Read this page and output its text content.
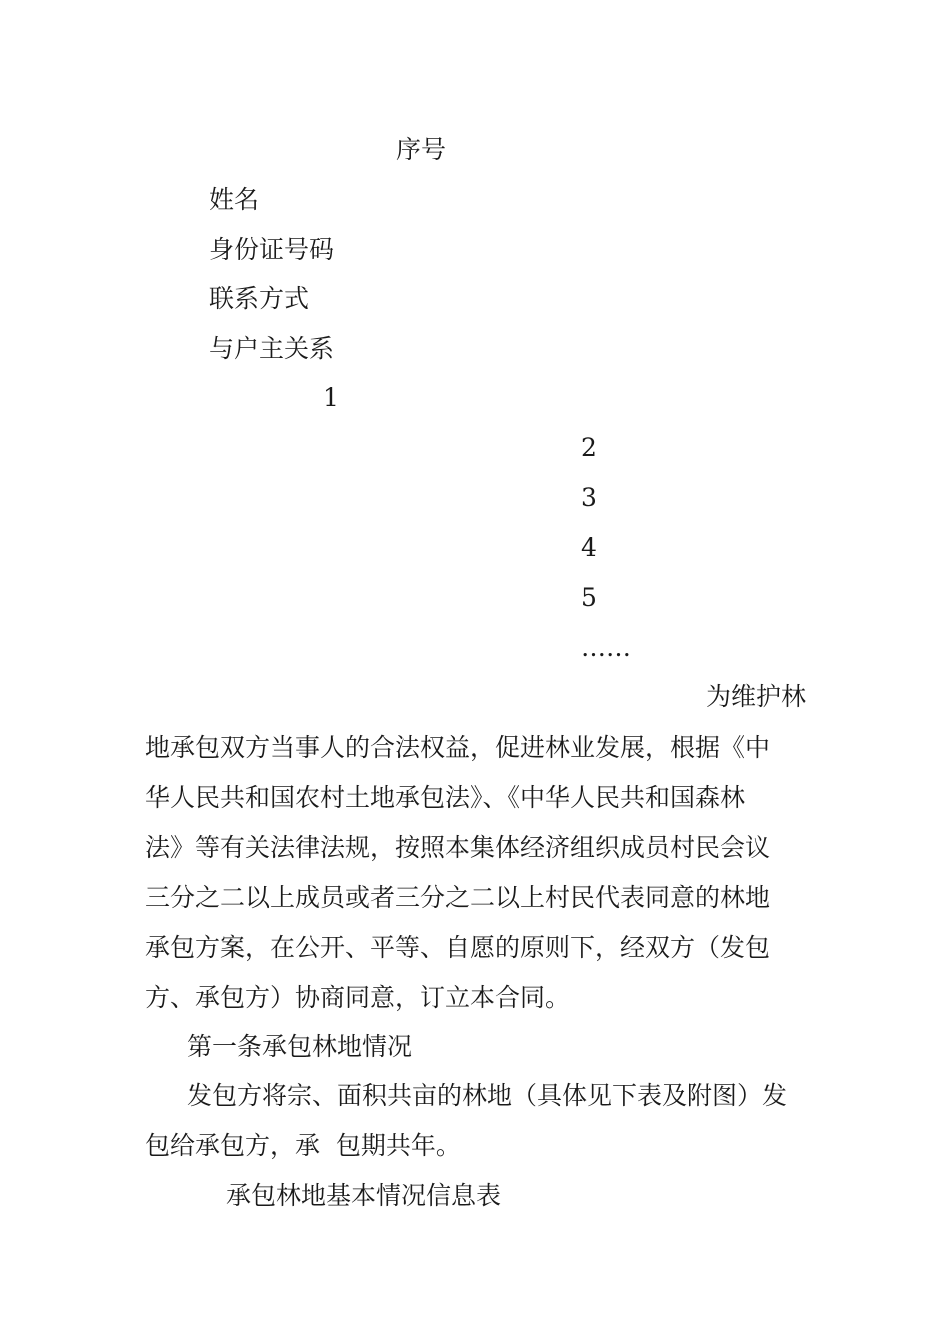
序号
姓名
身份证号码
联系方式
与户主关系
1
2
3
4
5
……
为维护林
地承包双方当事人的合法权益，促进林业发展，根据《中
华人民共和国农村土地承包法》、《中华人民共和国森林
法》等有关法律法规，按照本集体经济组织成员村民会议
三分之二以上成员或者三分之二以上村民代表同意的林地
承包方案，在公开、平等、自愿的原则下，经双方（发包
方、承包方）协商同意，订立本合同。
第一条承包林地情况
发包方将宗、面积共亩的林地（具体见下表及附图）发
包给承包方，承  包期共年。
承包林地基本情况信息表
